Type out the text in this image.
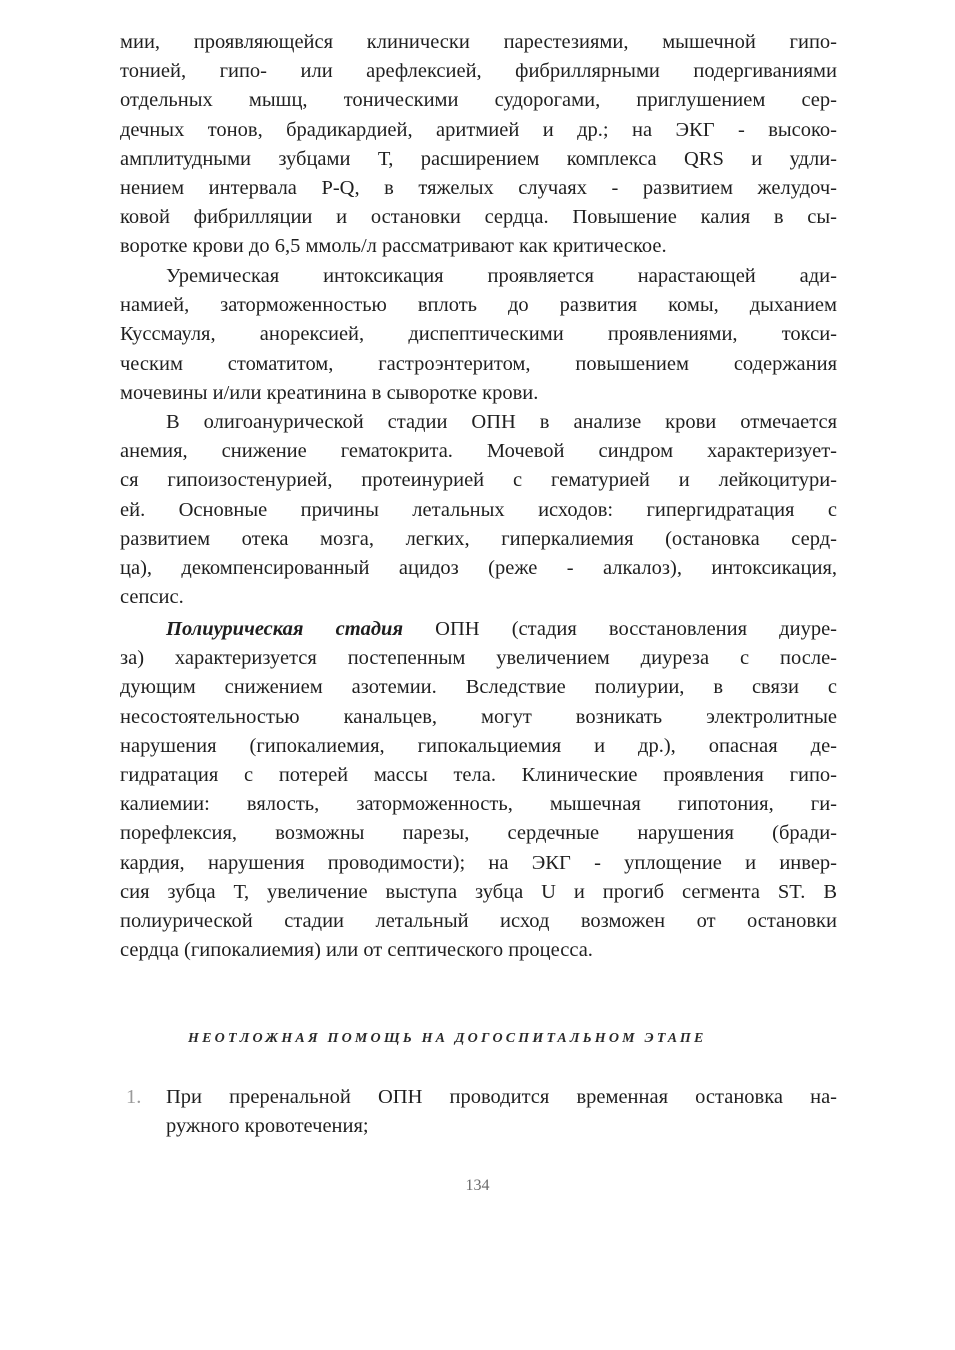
мии, проявляющейся клинически парестезиями, мышечной гипо-
тонией, гипо- или арефлексией, фибриллярными подергиваниями
отдельных мышц, тоническими судорогами, приглушением сер-
дечных тонов, брадикардией, аритмией и др.; на ЭКГ - высоко-
амплитудными зубцами Т, расширением комплекса QRS и удли-
нением интервала P-Q, в тяжелых случаях - развитием желудоч-
ковой фибрилляции и остановки сердца. Повышение калия в сы-
воротке крови до 6,5 ммоль/л рассматривают как критическое.
Уремическая интоксикация проявляется нарастающей ади-
намией, заторможенностью вплоть до развития комы, дыханием
Куссмауля, анорексией, диспептическими проявлениями, токси-
ческим стоматитом, гастроэнтеритом, повышением содержания
мочевины и/или креатинина в сыворотке крови.
В олигоанурической стадии ОПН в анализе крови отмечается
анемия, снижение гематокрита. Мочевой синдром характеризует-
ся гипоизостенурией, протеинурией с гематурией и лейкоцитури-
ей. Основные причины летальных исходов: гипергидратация с
развитием отека мозга, легких, гиперкалиемия (остановка серд-
ца), декомпенсированный ацидоз (реже - алкалоз), интоксикация,
сепсис.
Полиурическая стадия ОПН (стадия восстановления диуре-
за) характеризуется постепенным увеличением диуреза с после-
дующим снижением азотемии. Вследствие полиурии, в связи с
несостоятельностью канальцев, могут возникать электролитные
нарушения (гипокалиемия, гипокальциемия и др.), опасная де-
гидратация с потерей массы тела. Клинические проявления гипо-
калиемии: вялость, заторможенность, мышечная гипотония, ги-
порефлексия, возможны парезы, сердечные нарушения (бради-
кардия, нарушения проводимости); на ЭКГ - уплощение и инвер-
сия зубца Т, увеличение выступа зубца U и прогиб сегмента ST. В
полиурической стадии летальный исход возможен от остановки
сердца (гипокалиемия) или от септического процесса.
НЕОТЛОЖНАЯ ПОМОЩЬ НА ДОГОСПИТАЛЬНОМ ЭТАПЕ
1. При преренальной ОПН проводится временная остановка на-
ружного кровотечения;
134
